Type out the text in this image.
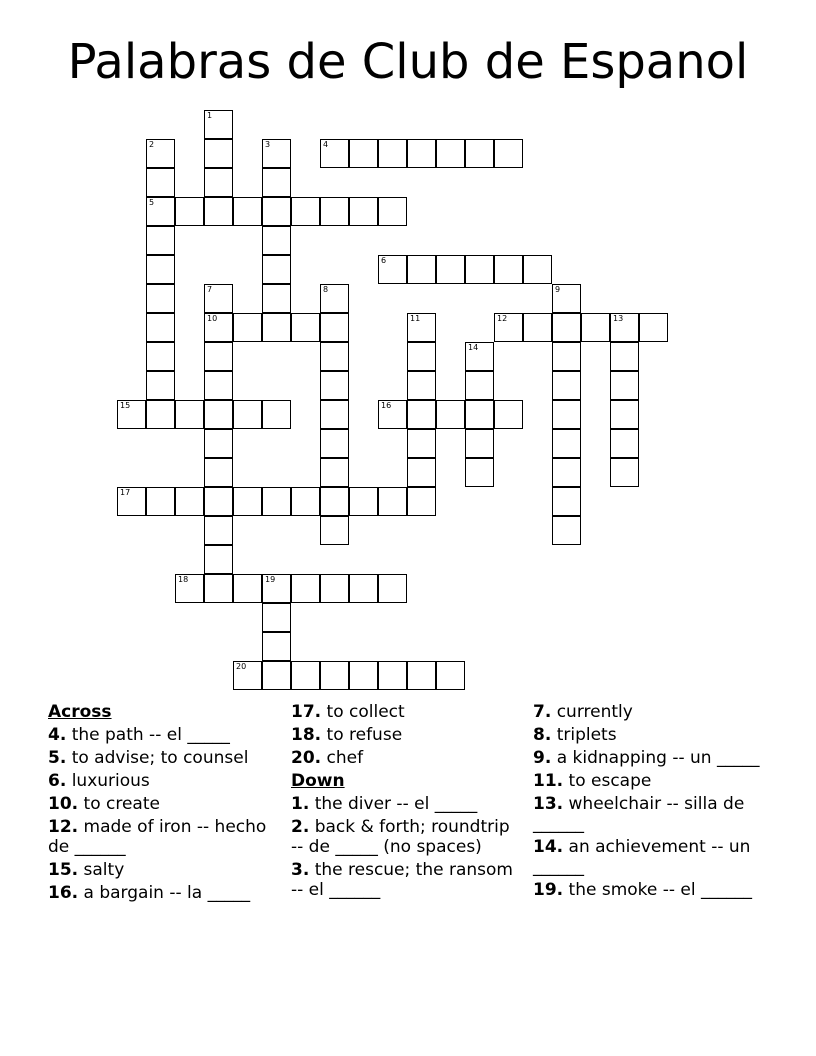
Palabras de Club de Espanol
1
2
5
3	4
6
7
10
8	9
11	12	13
14
15	16
17
18	19
20
Across
4. the path -- el _____
5. to advise; to counsel
6. luxurious
10. to create
12. made of iron -- hecho de ______
15. salty
16. a bargain -- la _____
17. to collect
18. to refuse
20. chef
Down
1. the diver -- el _____
2. back & forth; roundtrip -- de _____ (no spaces)
3. the rescue; the ransom -- el ______
7. currently
8. triplets
9. a kidnapping -- un _____
11. to escape
13. wheelchair -- silla de ______
14. an achievement -- un ______
19. the smoke -- el ______
